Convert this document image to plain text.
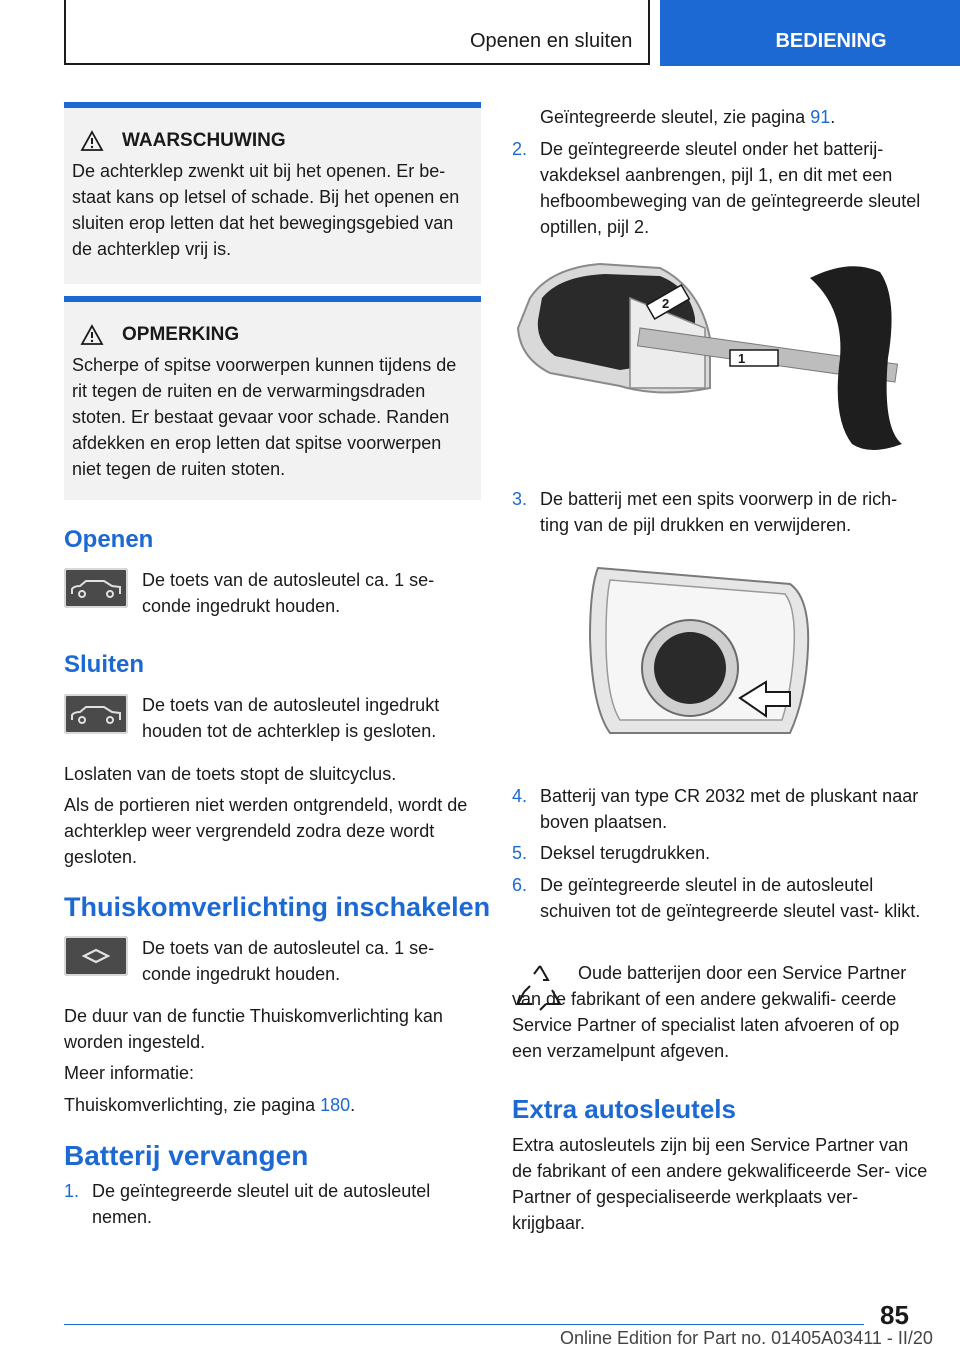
Openen en sluiten	BEDIENING
WAARSCHUWING

De achterklep zwenkt uit bij het openen. Er be- staat kans op letsel of schade. Bij het openen en sluiten erop letten dat het bewegingsgebied van de achterklep vrij is.

OPMERKING

Scherpe of spitse voorwerpen kunnen tijdens de rit tegen de ruiten en de verwarmingsdraden stoten. Er bestaat gevaar voor schade. Randen afdekken en erop letten dat spitse voorwerpen niet tegen de ruiten stoten.

Openen
De toets van de autosleutel ca. 1 se- conde ingedrukt houden.
Sluiten
De toets van de autosleutel ingedrukt houden tot de achterklep is gesloten.

Loslaten van de toets stopt de sluitcyclus.

Als de portieren niet werden ontgrendeld, wordt de achterklep weer vergrendeld zodra deze wordt gesloten.

Thuiskomverlichting inschakelen
De toets van de autosleutel ca. 1 se- conde ingedrukt houden.

De duur van de functie Thuiskomverlichting kan worden ingesteld.

Meer informatie:

Thuiskomverlichting, zie pagina 180.

Batterij vervangen
1. De geïntegreerde sleutel uit de autosleutel nemen.

Geïntegreerde sleutel, zie pagina 91.

2. De geïntegreerde sleutel onder het batterij- vakdeksel aanbrengen, pijl 1, en dit met een hefboombeweging van de geïntegreerde sleutel optillen, pijl 2.
1
2
3. De batterij met een spits voorwerp in de rich- ting van de pijl drukken en verwijderen.
4. Batterij van type CR 2032 met de pluskant naar boven plaatsen.
5. Deksel terugdrukken.
6. De geïntegreerde sleutel in de autosleutel schuiven tot de geïntegreerde sleutel vast- klikt.

Oude batterijen door een Service Partner van de fabrikant of een andere gekwalifi- ceerde Service Partner of specialist laten afvoeren of op een verzamelpunt afgeven.

Extra autosleutels

Extra autosleutels zijn bij een Service Partner van de fabrikant of een andere gekwalificeerde Ser- vice Partner of gespecialiseerde werkplaats ver- krijgbaar.

85
Online Edition for Part no. 01405A03411 - II/20
